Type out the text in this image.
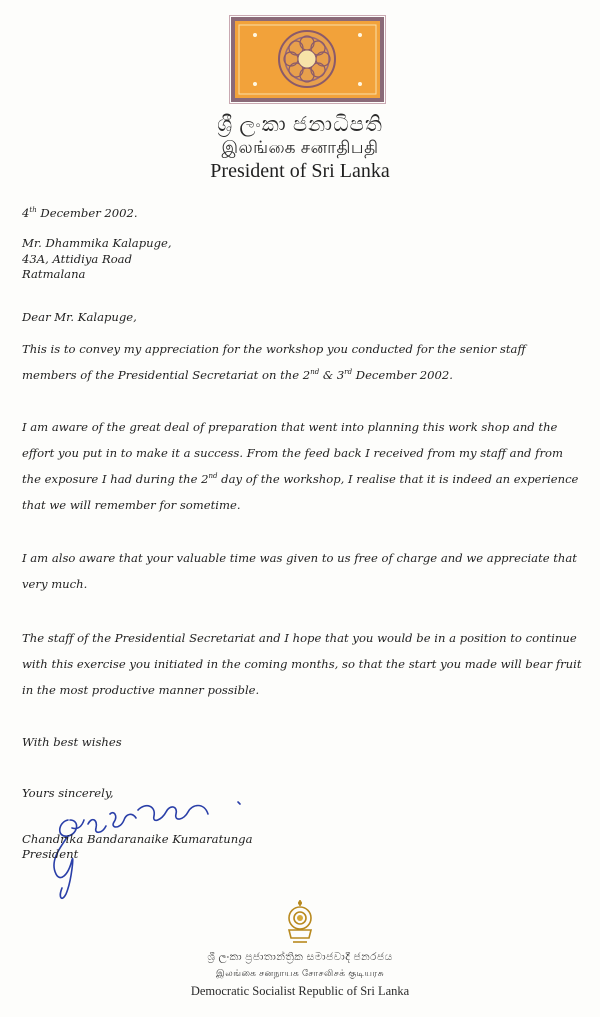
ශ්‍රී ලංකා ජනාධිපති
இலங்கை சனாதிபதி
President of Sri Lanka
4th December 2002.
Mr. Dhammika Kalapuge,
43A, Attidiya Road
Ratmalana
Dear Mr. Kalapuge,
This is to convey my appreciation for the workshop you conducted for the senior staff members of the Presidential Secretariat on the 2nd & 3rd December 2002.
I am aware of the great deal of preparation that went into planning this work shop and the effort you put in to make it a success. From the feed back I received from my staff and from the exposure I had during the 2nd day of the workshop, I realise that it is indeed an experience that we will remember for sometime.
I am also aware that your valuable time was given to us free of charge and we appreciate that very much.
The staff of the Presidential Secretariat and I hope that you would be in a position to continue with this exercise you initiated in the coming months, so that the start you made will bear fruit in the most productive manner possible.
With best wishes
Yours sincerely,
Chandrika Bandaranaike Kumaratunga
President
ශ්‍රී ලංකා ප්‍රජාතාන්ත්‍රික සමාජවාදී ජනරජය
இலங்கை சனநாயக சோசலிசக் குடியரசு
Democratic Socialist Republic of Sri Lanka
